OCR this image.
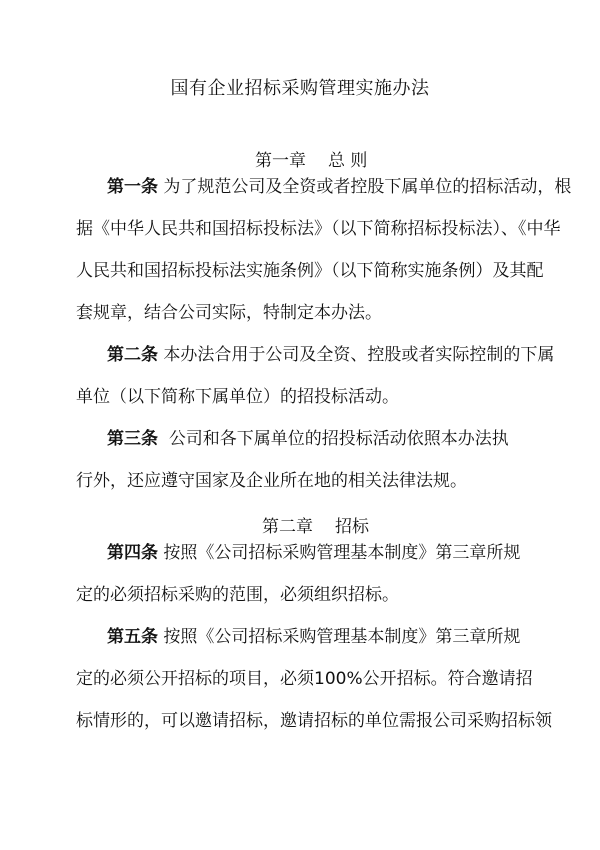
国有企业招标采购管理实施办法
第一章 总 则
第一条 为了规范公司及全资或者控股下属单位的招标活动，根
据《中华人民共和国招标投标法》（以下简称招标投标法）、《中华
人民共和国招标投标法实施条例》（以下简称实施条例）及其配
套规章，结合公司实际，特制定本办法。
第二条 本办法合用于公司及全资、控股或者实际控制的下属
单位（以下简称下属单位）的招投标活动。
第三条 公司和各下属单位的招投标活动依照本办法执
行外，还应遵守国家及企业所在地的相关法律法规。
第二章 招标
第四条 按照《公司招标采购管理基本制度》第三章所规
定的必须招标采购的范围，必须组织招标。
第五条 按照《公司招标采购管理基本制度》第三章所规
定的必须公开招标的项目，必须100%公开招标。符合邀请招
标情形的，可以邀请招标，邀请招标的单位需报公司采购招标领
